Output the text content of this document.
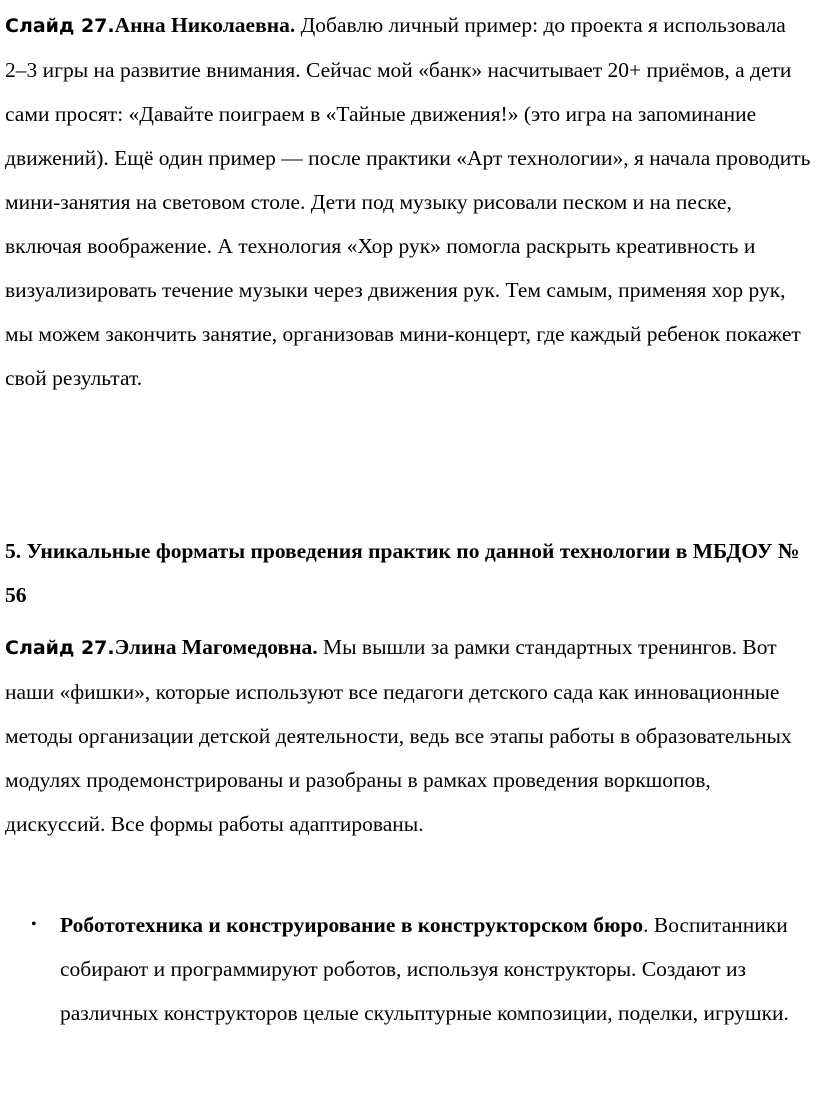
Слайд 27.Анна Николаевна. Добавлю личный пример: до проекта я использовала 2–3 игры на развитие внимания. Сейчас мой «банк» насчитывает 20+ приёмов, а дети сами просят: «Давайте поиграем в «Тайные движения!» (это игра на запоминание движений). Ещё один пример — после практики «Арт технологии», я начала проводить мини-занятия на световом столе. Дети под музыку рисовали песком и на песке, включая воображение. А технология «Хор рук» помогла раскрыть креативность и визуализировать течение музыки через движения рук. Тем самым, применяя хор рук, мы можем закончить занятие, организовав мини-концерт, где каждый ребенок покажет свой результат.

5. Уникальные форматы проведения практик по данной технологии в МБДОУ № 56

Слайд 27.Элина Магомедовна. Мы вышли за рамки стандартных тренингов. Вот наши «фишки», которые используют все педагоги детского сада как инновационные методы организации детской деятельности, ведь все этапы работы в образовательных модулях продемонстрированы и разобраны в рамках проведения воркшопов, дискуссий. Все формы работы адаптированы.

• Робототехника и конструирование в конструкторском бюро. Воспитанники собирают и программируют роботов, используя конструкторы. Создают из различных конструкторов целые скульптурные композиции, поделки, игрушки.
